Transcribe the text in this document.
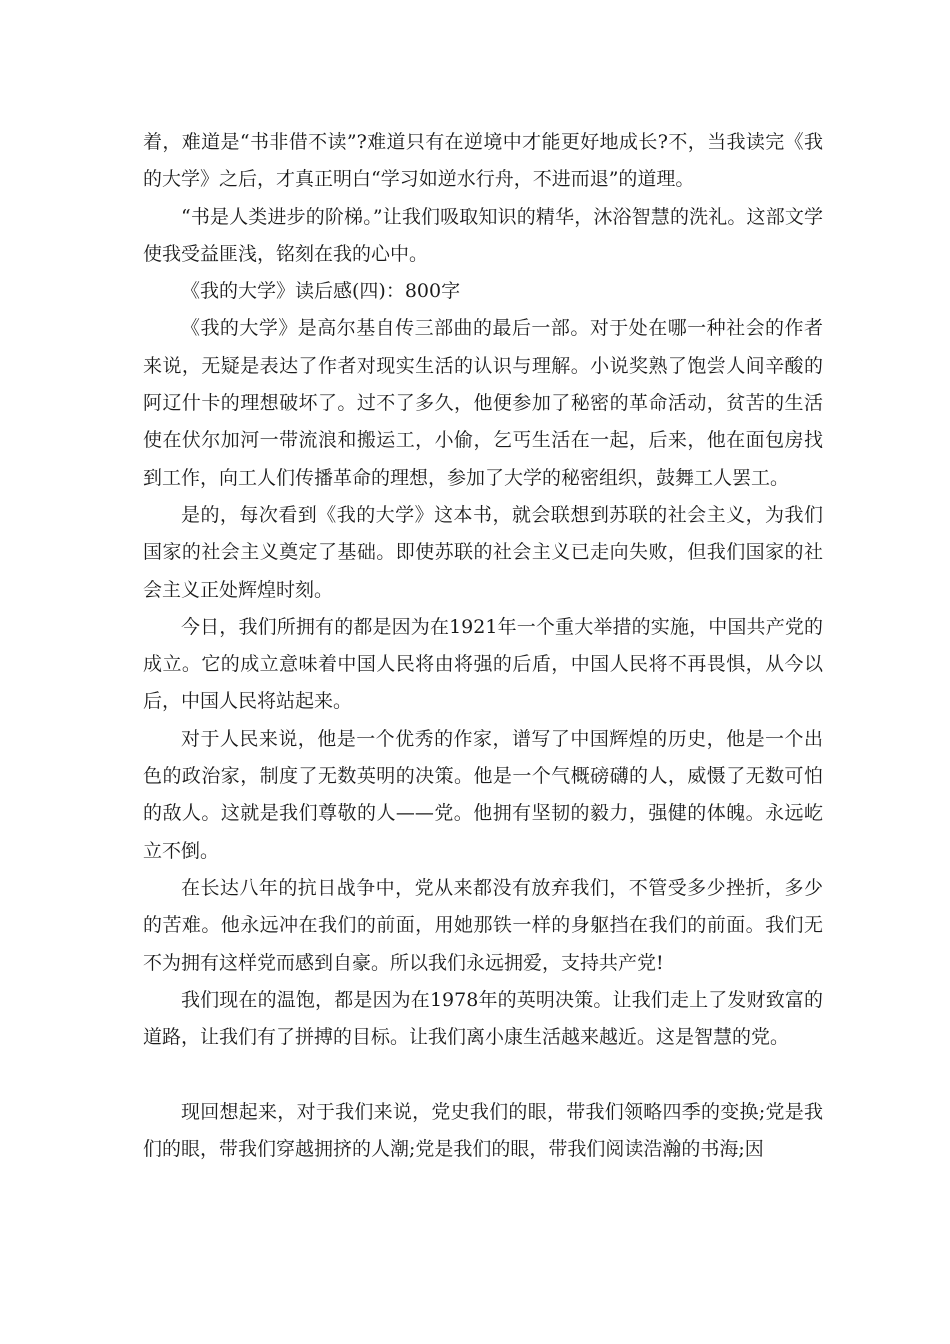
着，难道是“书非借不读”?难道只有在逆境中才能更好地成长?不，当我读完《我的大学》之后，才真正明白“学习如逆水行舟，不进而退”的道理。

“书是人类进步的阶梯。”让我们吸取知识的精华，沐浴智慧的洗礼。这部文学使我受益匪浅，铭刻在我的心中。

《我的大学》读后感(四)：800字

《我的大学》是高尔基自传三部曲的最后一部。对于处在哪一种社会的作者来说，无疑是表达了作者对现实生活的认识与理解。小说奖熟了饱尝人间辛酸的阿辽什卡的理想破坏了。过不了多久，他便参加了秘密的革命活动，贫苦的生活使在伏尔加河一带流浪和搬运工，小偷，乞丐生活在一起，后来，他在面包房找到工作，向工人们传播革命的理想，参加了大学的秘密组织，鼓舞工人罢工。

是的，每次看到《我的大学》这本书，就会联想到苏联的社会主义，为我们国家的社会主义奠定了基础。即使苏联的社会主义已走向失败，但我们国家的社会主义正处辉煌时刻。

今日，我们所拥有的都是因为在1921年一个重大举措的实施，中国共产党的成立。它的成立意味着中国人民将由将强的后盾，中国人民将不再畏惧，从今以后，中国人民将站起来。

对于人民来说，他是一个优秀的作家，谱写了中国辉煌的历史，他是一个出色的政治家，制度了无数英明的决策。他是一个气概磅礴的人，威慑了无数可怕的敌人。这就是我们尊敬的人——党。他拥有坚韧的毅力，强健的体魄。永远屹立不倒。

在长达八年的抗日战争中，党从来都没有放弃我们，不管受多少挫折，多少的苦难。他永远冲在我们的前面，用她那铁一样的身躯挡在我们的前面。我们无不为拥有这样党而感到自豪。所以我们永远拥爱，支持共产党!

我们现在的温饱，都是因为在1978年的英明决策。让我们走上了发财致富的道路，让我们有了拼搏的目标。让我们离小康生活越来越近。这是智慧的党。

现回想起来，对于我们来说，党史我们的眼，带我们领略四季的变换;党是我们的眼，带我们穿越拥挤的人潮;党是我们的眼，带我们阅读浩瀚的书海;因
